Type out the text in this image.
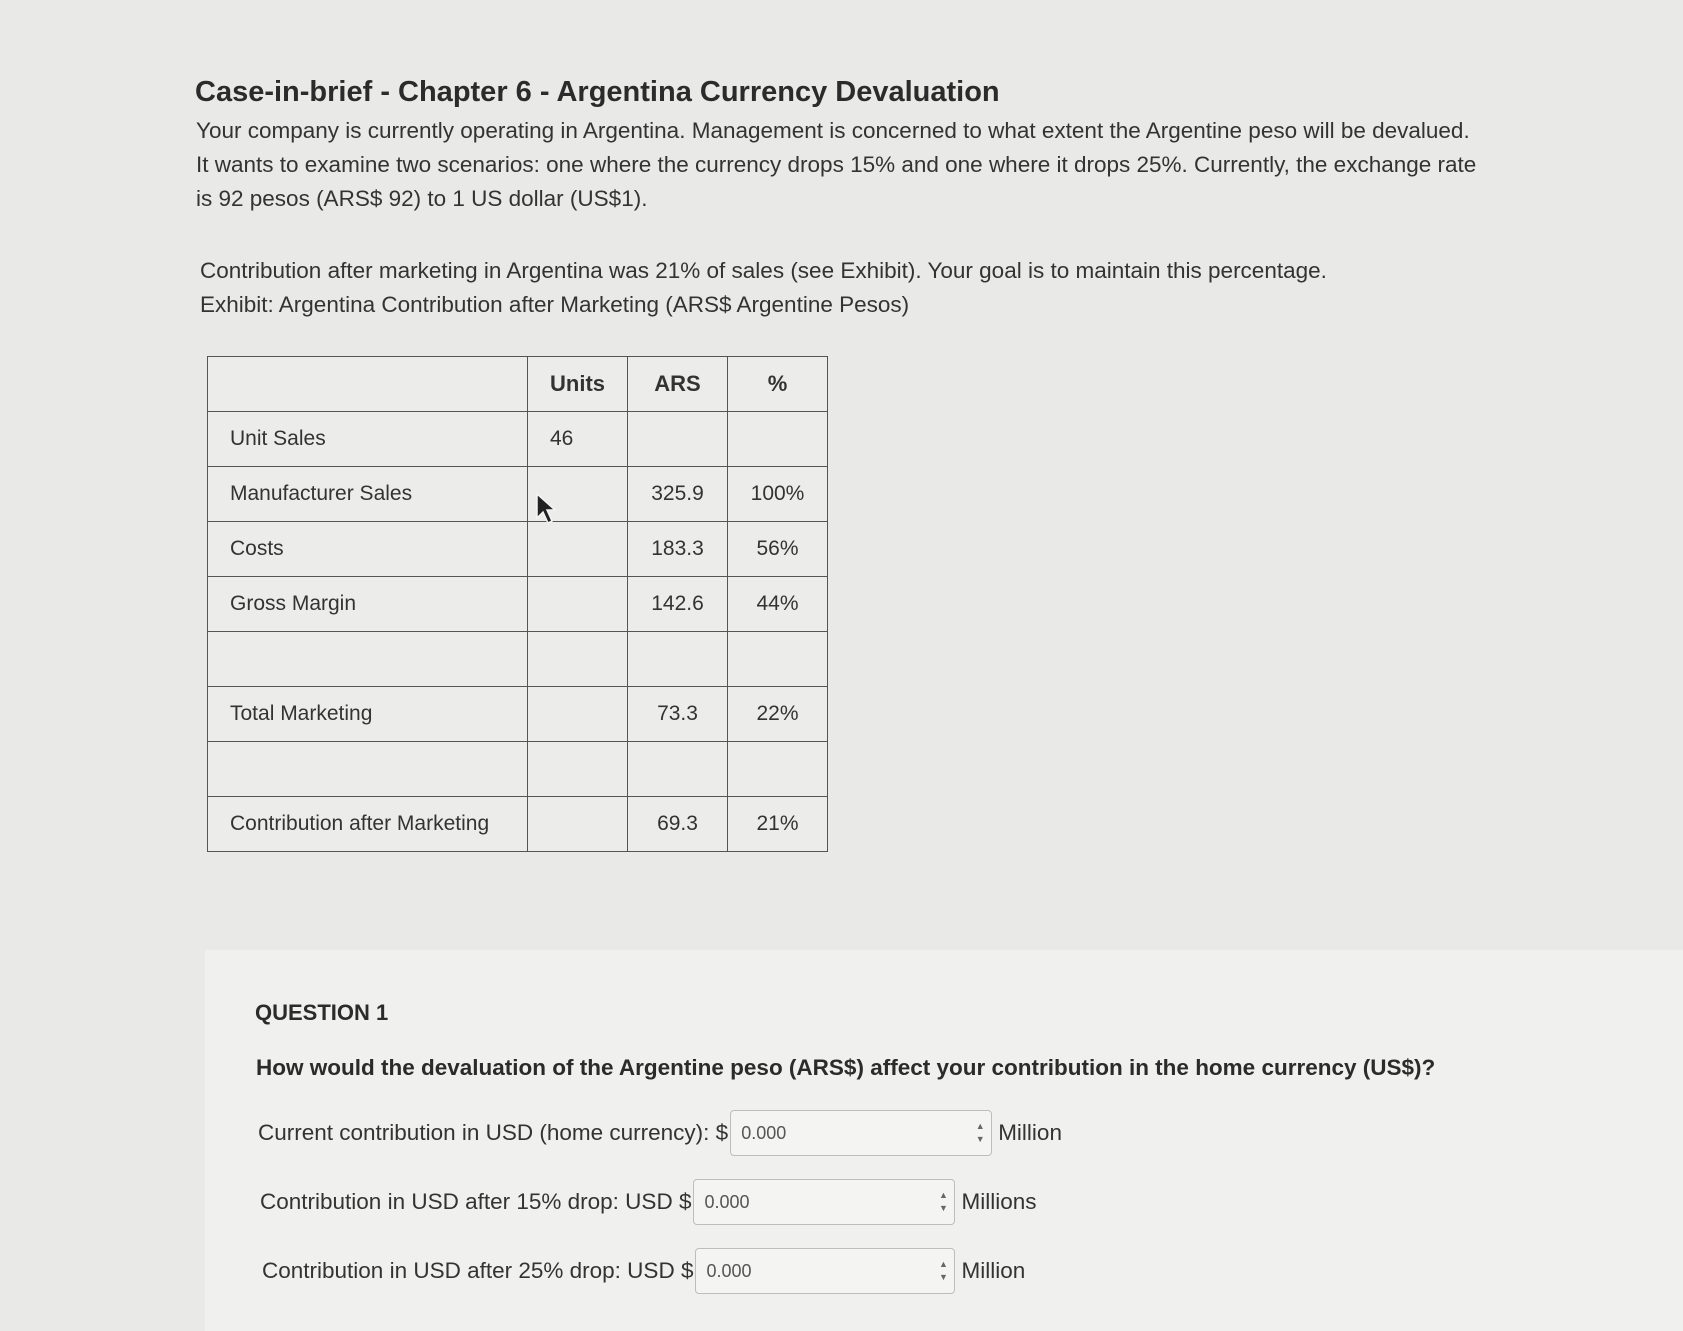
Case-in-brief - Chapter 6 - Argentina Currency Devaluation
Your company is currently operating in Argentina. Management is concerned to what extent the Argentine peso will be devalued.
It wants to examine two scenarios: one where the currency drops 15% and one where it drops 25%. Currently, the exchange rate
is 92 pesos (ARS$ 92) to 1 US dollar (US$1).
Contribution after marketing in Argentina was 21% of sales (see Exhibit). Your goal is to maintain this percentage.
Exhibit: Argentina Contribution after Marketing (ARS$ Argentine Pesos)
	Units	ARS	%
Unit Sales	46		
Manufacturer Sales		325.9	100%
Costs		183.3	56%
Gross Margin		142.6	44%

Total Marketing		73.3	22%

Contribution after Marketing		69.3	21%
QUESTION 1
How would the devaluation of the Argentine peso (ARS$) affect your contribution in the home currency (US$)?
Current contribution in USD (home currency): $ 0.000	▲
▼ Million
Contribution in USD after 15% drop: USD $ 0.000	▲
▼ Millions
Contribution in USD after 25% drop: USD $ 0.000	▲
▼ Million
